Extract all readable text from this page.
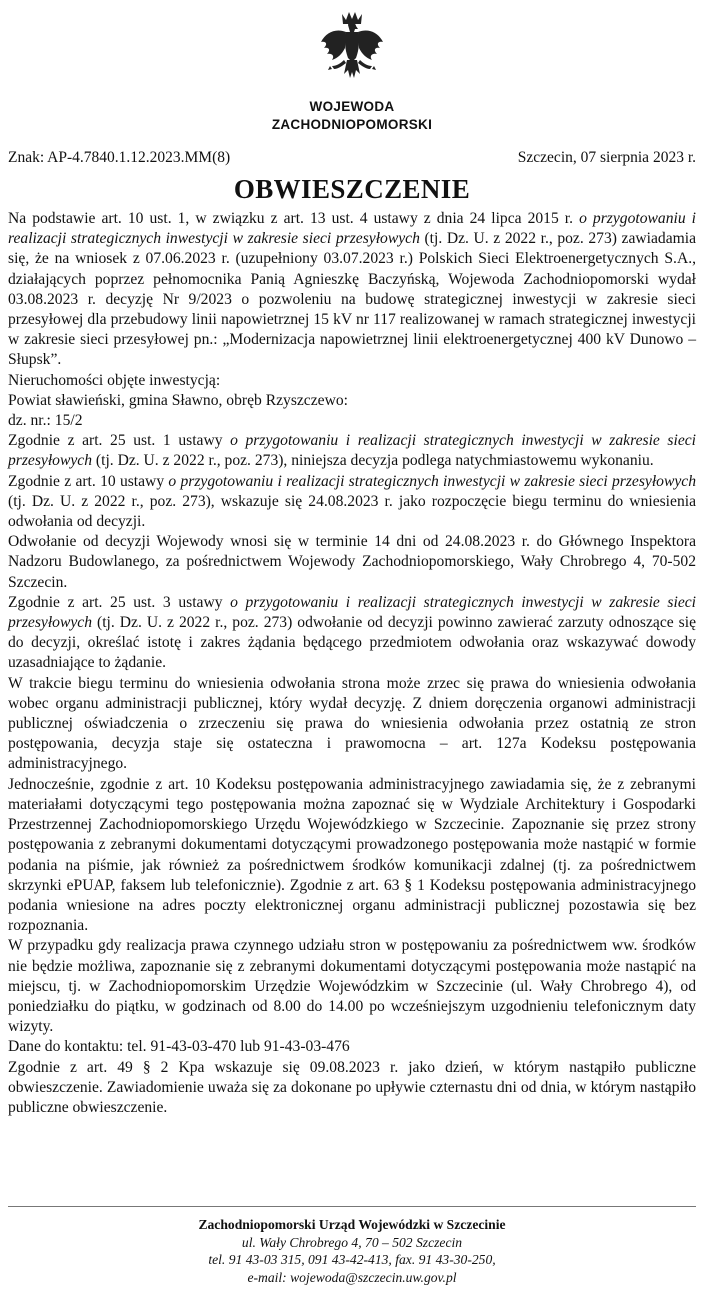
WOJEWODA
ZACHODNIOPOMORSKI
Znak: AP-4.7840.1.12.2023.MM(8)	Szczecin, 07 sierpnia 2023 r.
OBWIESZCZENIE

Na podstawie art. 10 ust. 1, w związku z art. 13 ust. 4 ustawy z dnia 24 lipca 2015 r. o przygotowaniu i realizacji strategicznych inwestycji w zakresie sieci przesyłowych (tj. Dz. U. z 2022 r., poz. 273) zawiadamia się, że na wniosek z 07.06.2023 r. (uzupełniony 03.07.2023 r.) Polskich Sieci Elektroenergetycznych S.A., działających poprzez pełnomocnika Panią Agnieszkę Baczyńską, Wojewoda Zachodniopomorski wydał 03.08.2023 r. decyzję Nr 9/2023 o pozwoleniu na budowę strategicznej inwestycji w zakresie sieci przesyłowej dla przebudowy linii napowietrznej 15 kV nr 117 realizowanej w ramach strategicznej inwestycji w zakresie sieci przesyłowej pn.: „Modernizacja napowietrznej linii elektroenergetycznej 400 kV Dunowo – Słupsk”.

Nieruchomości objęte inwestycją:

Powiat sławieński, gmina Sławno, obręb Rzyszczewo:

dz. nr.: 15/2

Zgodnie z art. 25 ust. 1 ustawy o przygotowaniu i realizacji strategicznych inwestycji w zakresie sieci przesyłowych (tj. Dz. U. z 2022 r., poz. 273), niniejsza decyzja podlega natychmiastowemu wykonaniu.

Zgodnie z art. 10 ustawy o przygotowaniu i realizacji strategicznych inwestycji w zakresie sieci przesyłowych (tj. Dz. U. z 2022 r., poz. 273), wskazuje się 24.08.2023 r. jako rozpoczęcie biegu terminu do wniesienia odwołania od decyzji.

Odwołanie od decyzji Wojewody wnosi się w terminie 14 dni od 24.08.2023 r. do Głównego Inspektora Nadzoru Budowlanego, za pośrednictwem Wojewody Zachodniopomorskiego, Wały Chrobrego 4, 70-502 Szczecin.

Zgodnie z art. 25 ust. 3 ustawy o przygotowaniu i realizacji strategicznych inwestycji w zakresie sieci przesyłowych (tj. Dz. U. z 2022 r., poz. 273) odwołanie od decyzji powinno zawierać zarzuty odnoszące się do decyzji, określać istotę i zakres żądania będącego przedmiotem odwołania oraz wskazywać dowody uzasadniające to żądanie.

W trakcie biegu terminu do wniesienia odwołania strona może zrzec się prawa do wniesienia odwołania wobec organu administracji publicznej, który wydał decyzję. Z dniem doręczenia organowi administracji publicznej oświadczenia o zrzeczeniu się prawa do wniesienia odwołania przez ostatnią ze stron postępowania, decyzja staje się ostateczna i prawomocna – art. 127a Kodeksu postępowania administracyjnego.

Jednocześnie, zgodnie z art. 10 Kodeksu postępowania administracyjnego zawiadamia się, że z zebranymi materiałami dotyczącymi tego postępowania można zapoznać się w Wydziale Architektury i Gospodarki Przestrzennej Zachodniopomorskiego Urzędu Wojewódzkiego w Szczecinie. Zapoznanie się przez strony postępowania z zebranymi dokumentami dotyczącymi prowadzonego postępowania może nastąpić w formie podania na piśmie, jak również za pośrednictwem środków komunikacji zdalnej (tj. za pośrednictwem skrzynki ePUAP, faksem lub telefonicznie). Zgodnie z art. 63 § 1 Kodeksu postępowania administracyjnego podania wniesione na adres poczty elektronicznej organu administracji publicznej pozostawia się bez rozpoznania.

W przypadku gdy realizacja prawa czynnego udziału stron w postępowaniu za pośrednictwem ww. środków nie będzie możliwa, zapoznanie się z zebranymi dokumentami dotyczącymi postępowania może nastąpić na miejscu, tj. w Zachodniopomorskim Urzędzie Wojewódzkim w Szczecinie (ul. Wały Chrobrego 4), od poniedziałku do piątku, w godzinach od 8.00 do 14.00 po wcześniejszym uzgodnieniu telefonicznym daty wizyty.

Dane do kontaktu: tel. 91-43-03-470 lub 91-43-03-476

Zgodnie z art. 49 § 2 Kpa wskazuje się 09.08.2023 r. jako dzień, w którym nastąpiło publiczne obwieszczenie. Zawiadomienie uważa się za dokonane po upływie czternastu dni od dnia, w którym nastąpiło publiczne obwieszczenie.

Zachodniopomorski Urząd Wojewódzki w Szczecinie
ul. Wały Chrobrego 4, 70 – 502 Szczecin
tel. 91 43-03 315, 091 43-42-413, fax. 91 43-30-250,
e-mail: wojewoda@szczecin.uw.gov.pl
